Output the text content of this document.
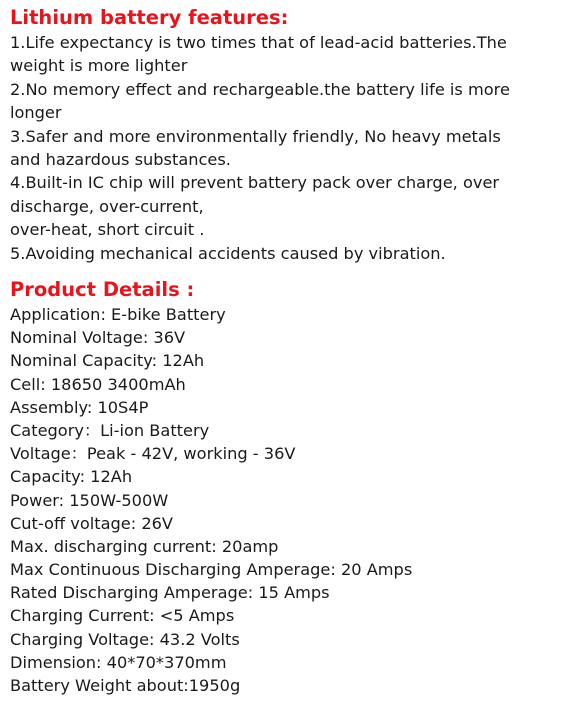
Lithium battery features:
1.Life expectancy is two times that of lead-acid batteries.The
weight is more lighter
2.No memory effect and rechargeable.the battery life is more
longer
3.Safer and more environmentally friendly, No heavy metals
and hazardous substances.
4.Built-in IC chip will prevent battery pack over charge, over
discharge, over-current,
over-heat, short circuit .
5.Avoiding mechanical accidents caused by vibration.
Product Details :
Application: E-bike Battery
Nominal Voltage: 36V
Nominal Capacity: 12Ah
Cell: 18650 3400mAh
Assembly: 10S4P
Category：Li-ion Battery
Voltage：Peak - 42V, working - 36V
Capacity: 12Ah
Power: 150W-500W
Cut-off voltage: 26V
Max. discharging current: 20amp
Max Continuous Discharging Amperage: 20 Amps
Rated Discharging Amperage: 15 Amps
Charging Current: <5 Amps
Charging Voltage: 43.2 Volts
Dimension: 40*70*370mm
Battery Weight about:1950g
